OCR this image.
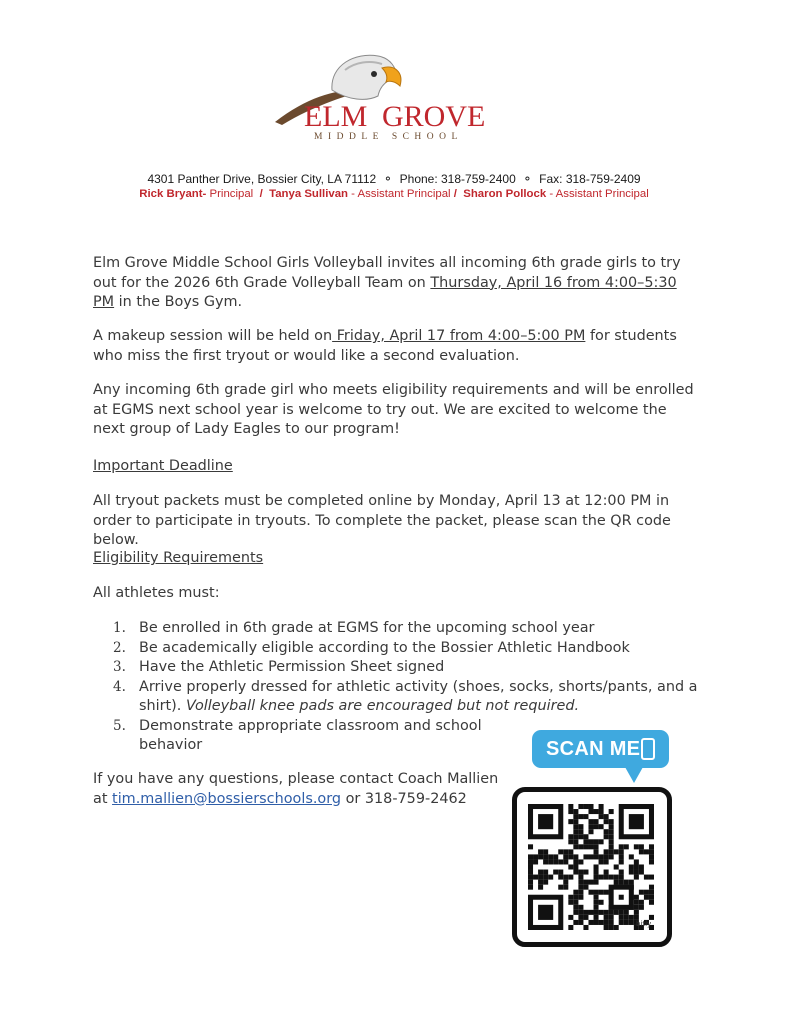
ELM GROVE
MIDDLE SCHOOL
4301 Panther Drive, Bossier City, LA 71112 ⚬ Phone: 318-759-2400 ⚬ Fax: 318-759-2409
Rick Bryant- Principal / Tanya Sullivan - Assistant Principal / Sharon Pollock - Assistant Principal

Elm Grove Middle School Girls Volleyball invites all incoming 6th grade girls to try out for the 2026 6th Grade Volleyball Team on Thursday, April 16 from 4:00–5:30 PM in the Boys Gym.

A makeup session will be held on Friday, April 17 from 4:00–5:00 PM for students who miss the first tryout or would like a second evaluation.

Any incoming 6th grade girl who meets eligibility requirements and will be enrolled at EGMS next school year is welcome to try out. We are excited to welcome the next group of Lady Eagles to our program!

Important Deadline

All tryout packets must be completed online by Monday, April 13 at 12:00 PM in order to participate in tryouts. To complete the packet, please scan the QR code below.

Eligibility Requirements

All athletes must:

1. Be enrolled in 6th grade at EGMS for the upcoming school year
2. Be academically eligible according to the Bossier Athletic Handbook
3. Have the Athletic Permission Sheet signed
4. Arrive properly dressed for athletic activity (shoes, socks, shorts/pants, and a shirt). Volleyball knee pads are encouraged but not required.
5. Demonstrate appropriate classroom and school behavior

If you have any questions, please contact Coach Mallien at tim.mallien@bossierschools.org or 318-759-2462

SCAN ME
bitly
